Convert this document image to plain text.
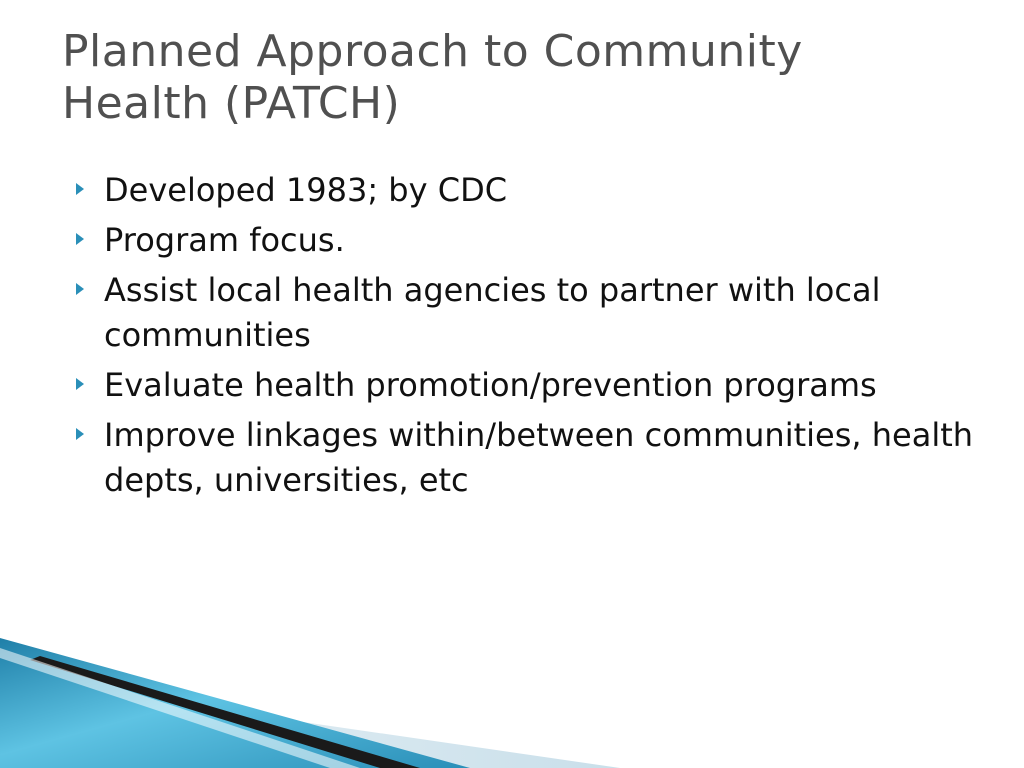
Planned Approach to Community Health (PATCH)
Developed 1983; by CDC
Program focus.
Assist local health agencies to partner with local communities
Evaluate health promotion/prevention programs
Improve linkages within/between communities, health depts, universities, etc
